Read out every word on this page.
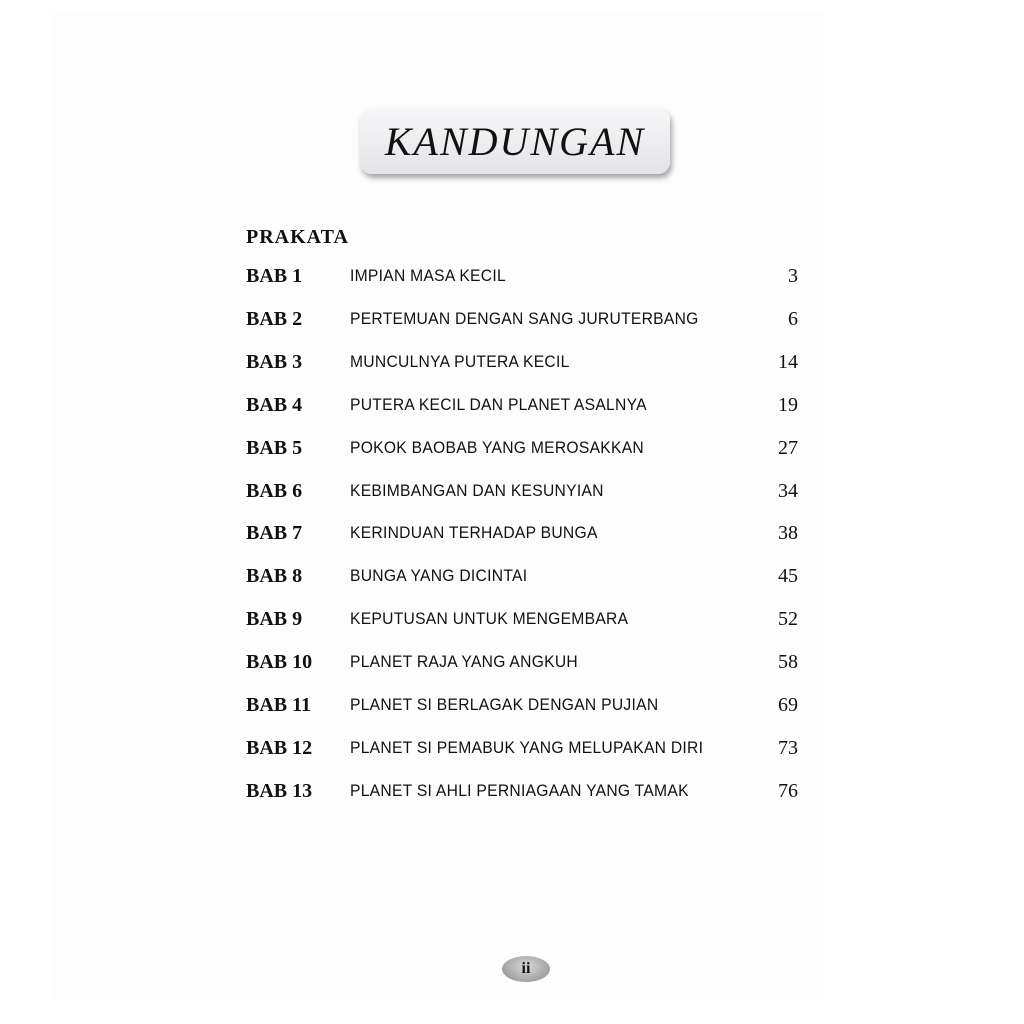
KANDUNGAN
PRAKATA
BAB 1	IMPIAN MASA KECIL	3
BAB 2	PERTEMUAN DENGAN SANG JURUTERBANG	6
BAB 3	MUNCULNYA PUTERA KECIL	14
BAB 4	PUTERA KECIL DAN PLANET ASALNYA	19
BAB 5	POKOK BAOBAB YANG MEROSAKKAN	27
BAB 6	KEBIMBANGAN DAN KESUNYIAN	34
BAB 7	KERINDUAN TERHADAP BUNGA	38
BAB 8	BUNGA YANG DICINTAI	45
BAB 9	KEPUTUSAN UNTUK MENGEMBARA	52
BAB 10 PLANET RAJA YANG ANGKUH	58
BAB 11 PLANET SI BERLAGAK DENGAN PUJIAN	69
BAB 12 PLANET SI PEMABUK YANG MELUPAKAN DIRI	73
BAB 13 PLANET SI AHLI PERNIAGAAN YANG TAMAK	76
ii
